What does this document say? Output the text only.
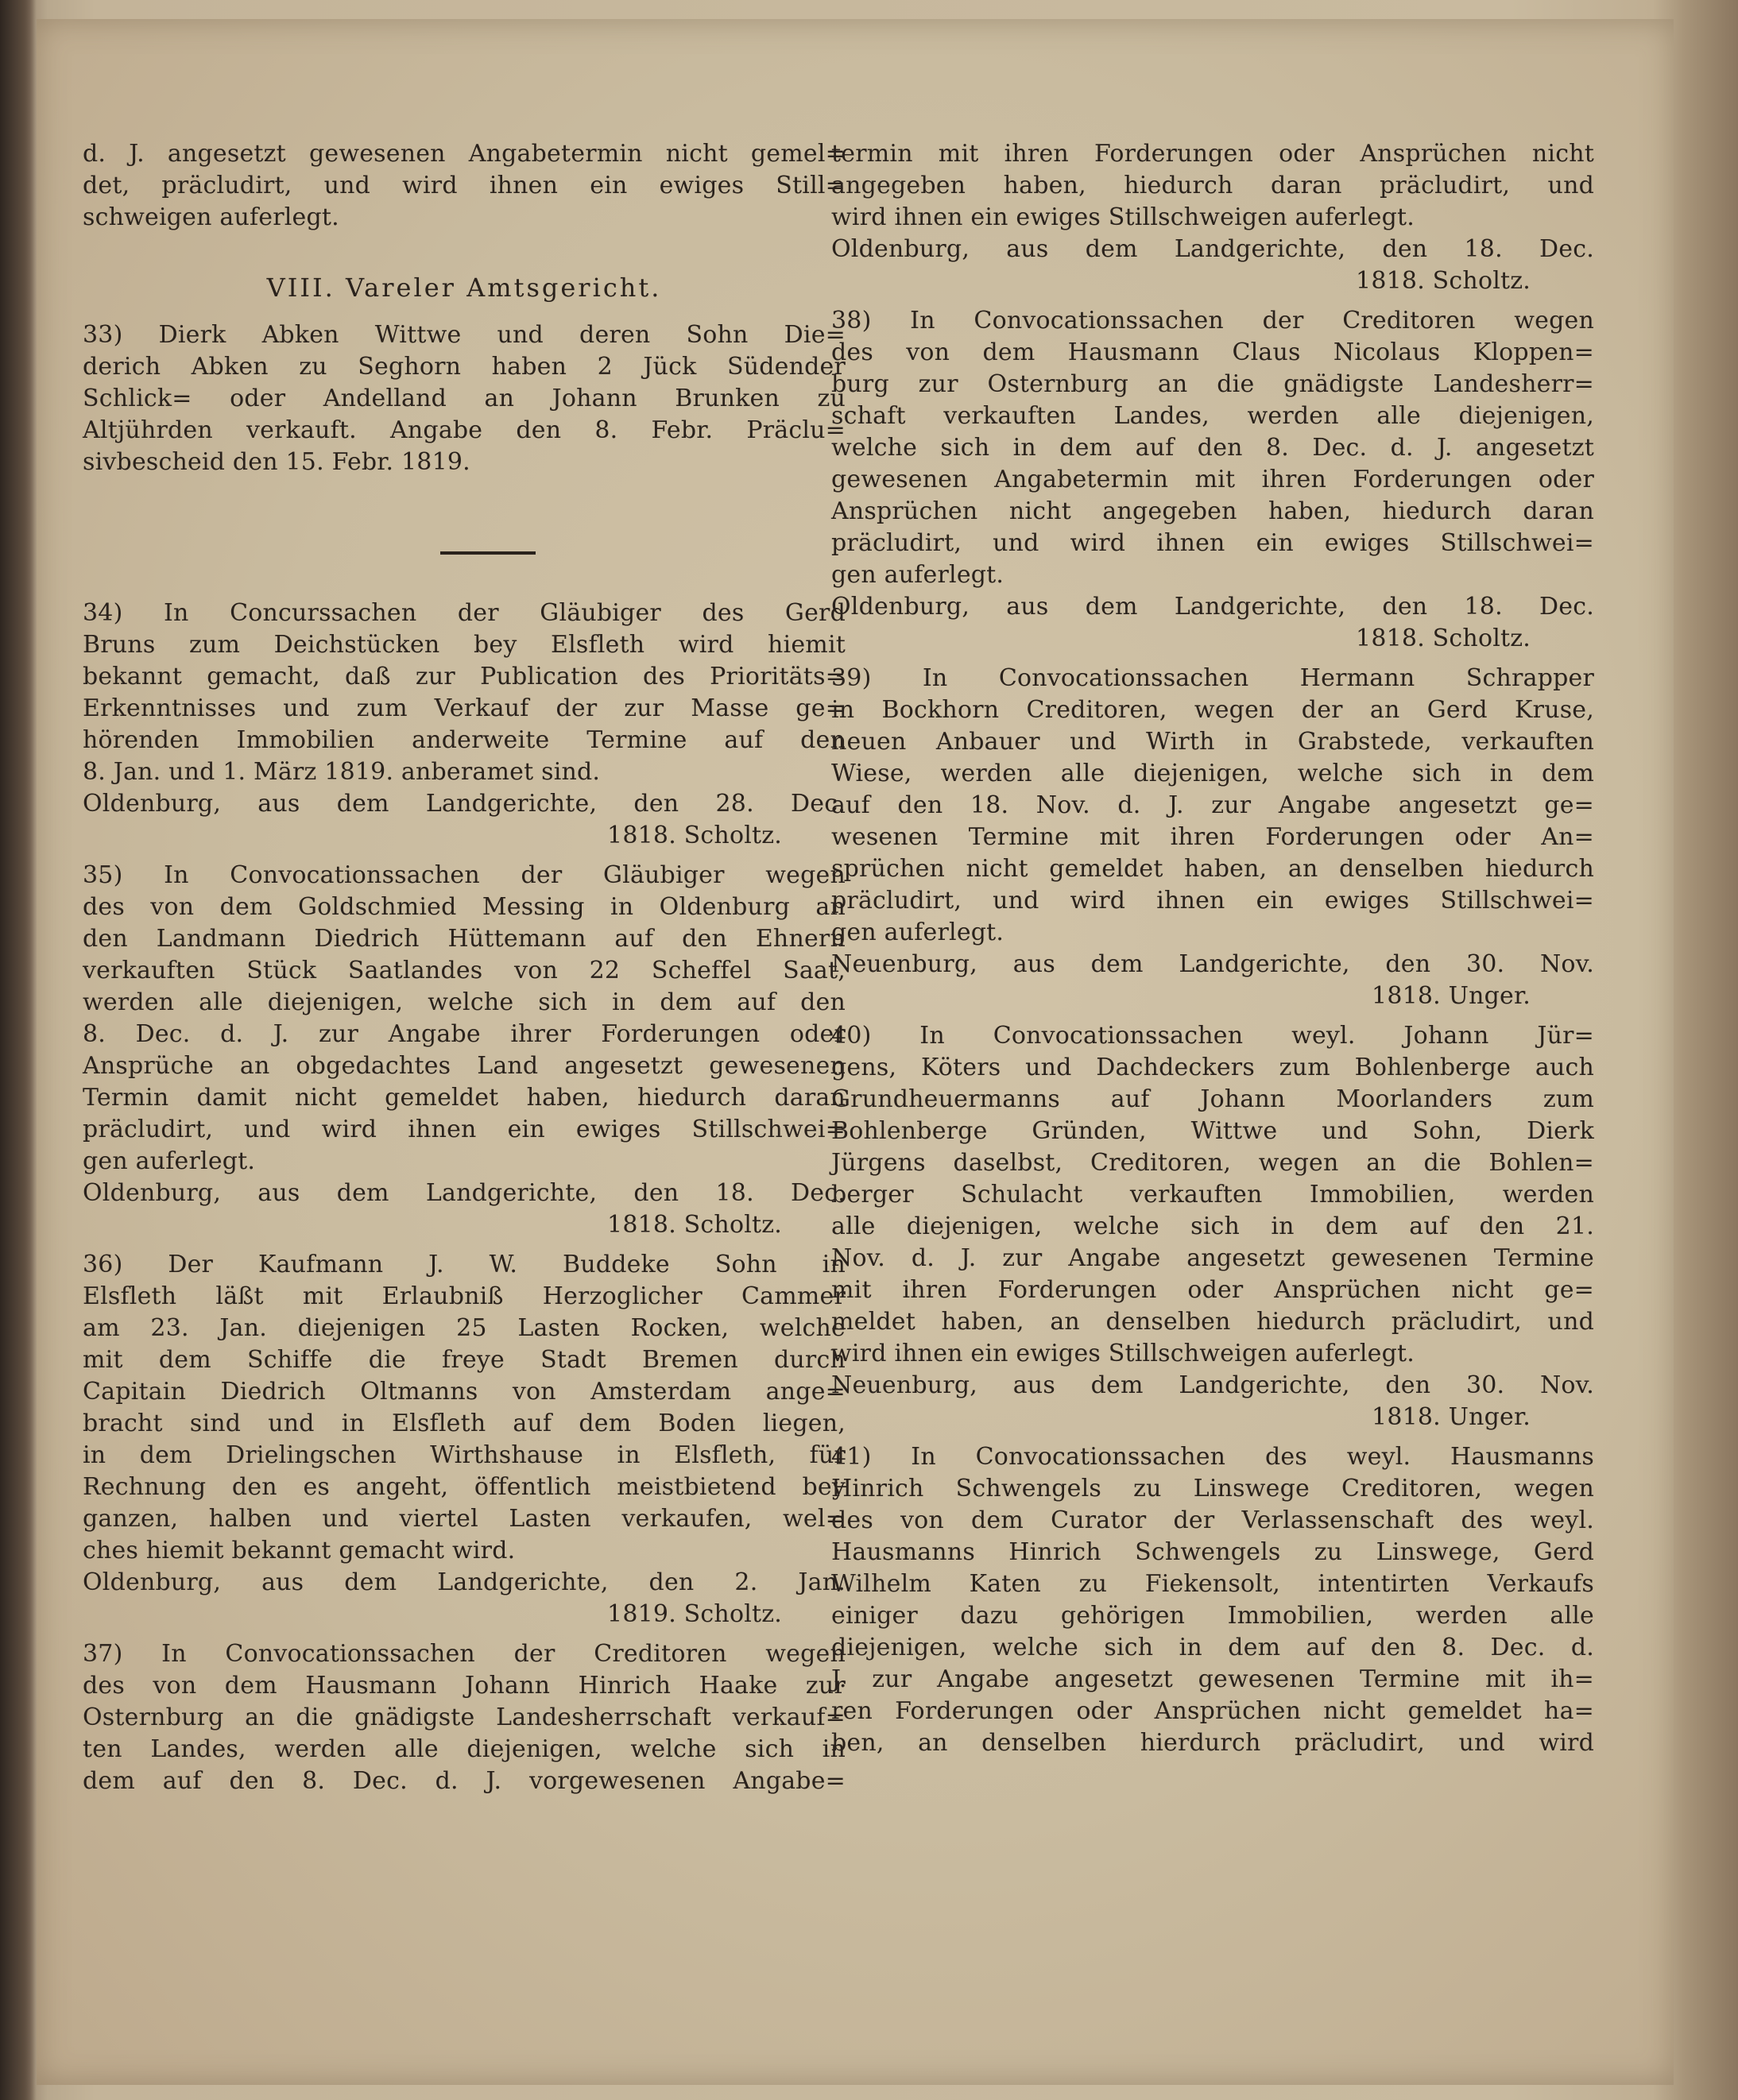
d. J. angesetzt gewesenen Angabetermin nicht gemel=
det, präcludirt, und wird ihnen ein ewiges Still=
schweigen auferlegt.
VIII. Vareler Amtsgericht.
33) Dierk Abken Wittwe und deren Sohn Die=
derich Abken zu Seghorn haben 2 Jück Südender
Schlick= oder Andelland an Johann Brunken zu
Altjührden verkauft. Angabe den 8. Febr. Präclu=
sivbescheid den 15. Febr. 1819.
34) In Concurssachen der Gläubiger des Gerd
Bruns zum Deichstücken bey Elsfleth wird hiemit
bekannt gemacht, daß zur Publication des Prioritäts=
Erkenntnisses und zum Verkauf der zur Masse ge=
hörenden Immobilien anderweite Termine auf den
8. Jan. und 1. März 1819. anberamet sind.
Oldenburg, aus dem Landgerichte, den 28. Dec.
1818. Scholtz.
35) In Convocationssachen der Gläubiger wegen
des von dem Goldschmied Messing in Oldenburg an
den Landmann Diedrich Hüttemann auf den Ehnern
verkauften Stück Saatlandes von 22 Scheffel Saat,
werden alle diejenigen, welche sich in dem auf den
8. Dec. d. J. zur Angabe ihrer Forderungen oder
Ansprüche an obgedachtes Land angesetzt gewesenen
Termin damit nicht gemeldet haben, hiedurch daran
präcludirt, und wird ihnen ein ewiges Stillschwei=
gen auferlegt.
Oldenburg, aus dem Landgerichte, den 18. Dec.
1818. Scholtz.
36) Der Kaufmann J. W. Buddeke Sohn in
Elsfleth läßt mit Erlaubniß Herzoglicher Cammer
am 23. Jan. diejenigen 25 Lasten Rocken, welche
mit dem Schiffe die freye Stadt Bremen durch
Capitain Diedrich Oltmanns von Amsterdam ange=
bracht sind und in Elsfleth auf dem Boden liegen,
in dem Drielingschen Wirthshause in Elsfleth, für
Rechnung den es angeht, öffentlich meistbietend bey
ganzen, halben und viertel Lasten verkaufen, wel=
ches hiemit bekannt gemacht wird.
Oldenburg, aus dem Landgerichte, den 2. Jan.
1819. Scholtz.
37) In Convocationssachen der Creditoren wegen
des von dem Hausmann Johann Hinrich Haake zur
Osternburg an die gnädigste Landesherrschaft verkauf=
ten Landes, werden alle diejenigen, welche sich in
dem auf den 8. Dec. d. J. vorgewesenen Angabe=
termin mit ihren Forderungen oder Ansprüchen nicht
angegeben haben, hiedurch daran präcludirt, und
wird ihnen ein ewiges Stillschweigen auferlegt.
Oldenburg, aus dem Landgerichte, den 18. Dec.
1818. Scholtz.
38) In Convocationssachen der Creditoren wegen
des von dem Hausmann Claus Nicolaus Kloppen=
burg zur Osternburg an die gnädigste Landesherr=
schaft verkauften Landes, werden alle diejenigen,
welche sich in dem auf den 8. Dec. d. J. angesetzt
gewesenen Angabetermin mit ihren Forderungen oder
Ansprüchen nicht angegeben haben, hiedurch daran
präcludirt, und wird ihnen ein ewiges Stillschwei=
gen auferlegt.
Oldenburg, aus dem Landgerichte, den 18. Dec.
1818. Scholtz.
39) In Convocationssachen Hermann Schrapper
in Bockhorn Creditoren, wegen der an Gerd Kruse,
neuen Anbauer und Wirth in Grabstede, verkauften
Wiese, werden alle diejenigen, welche sich in dem
auf den 18. Nov. d. J. zur Angabe angesetzt ge=
wesenen Termine mit ihren Forderungen oder An=
sprüchen nicht gemeldet haben, an denselben hiedurch
präcludirt, und wird ihnen ein ewiges Stillschwei=
gen auferlegt.
Neuenburg, aus dem Landgerichte, den 30. Nov.
1818. Unger.
40) In Convocationssachen weyl. Johann Jür=
gens, Köters und Dachdeckers zum Bohlenberge auch
Grundheuermanns auf Johann Moorlanders zum
Bohlenberge Gründen, Wittwe und Sohn, Dierk
Jürgens daselbst, Creditoren, wegen an die Bohlen=
berger Schulacht verkauften Immobilien, werden
alle diejenigen, welche sich in dem auf den 21.
Nov. d. J. zur Angabe angesetzt gewesenen Termine
mit ihren Forderungen oder Ansprüchen nicht ge=
meldet haben, an denselben hiedurch präcludirt, und
wird ihnen ein ewiges Stillschweigen auferlegt.
Neuenburg, aus dem Landgerichte, den 30. Nov.
1818. Unger.
41) In Convocationssachen des weyl. Hausmanns
Hinrich Schwengels zu Linswege Creditoren, wegen
des von dem Curator der Verlassenschaft des weyl.
Hausmanns Hinrich Schwengels zu Linswege, Gerd
Wilhelm Katen zu Fiekensolt, intentirten Verkaufs
einiger dazu gehörigen Immobilien, werden alle
diejenigen, welche sich in dem auf den 8. Dec. d.
J. zur Angabe angesetzt gewesenen Termine mit ih=
ren Forderungen oder Ansprüchen nicht gemeldet ha=
ben, an denselben hierdurch präcludirt, und wird
